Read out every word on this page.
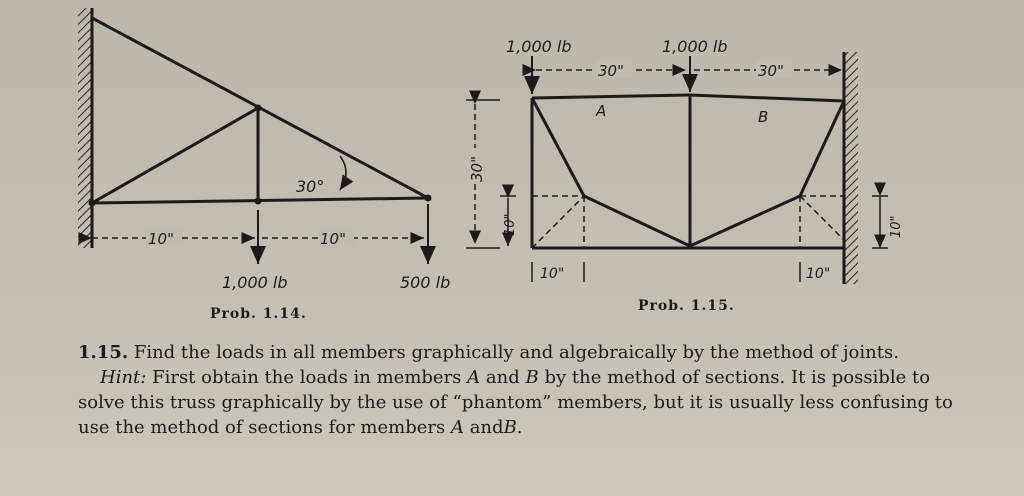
30°
10"	10"
1,000 lb	500 lb
Prob. 1.14.
A	B
1,000 lb	1,000 lb
30"	30"
30"
10"
10"	10"
10"
Prob. 1.15.

1.15. Find the loads in all members graphically and algebraically by the method of joints.

Hint: First obtain the loads in members A and B by the method of sections. It is possible to solve this truss graphically by the use of “phantom” members, but it is usually less confusing to use the method of sections for members A andB.
